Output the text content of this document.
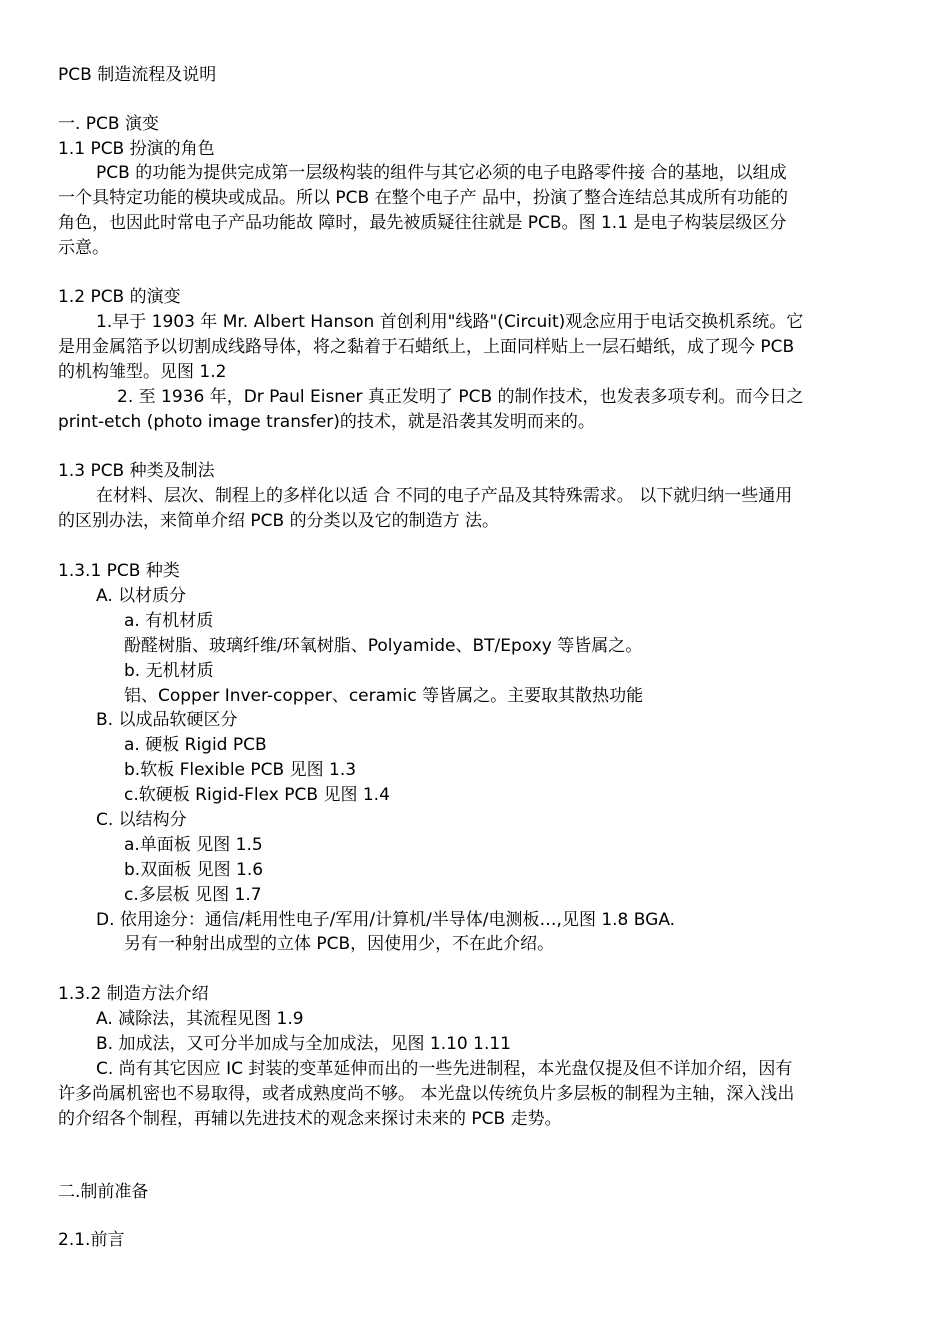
PCB 制造流程及说明
一. PCB 演变
1.1 PCB 扮演的角色
PCB 的功能为提供完成第一层级构装的组件与其它必须的电子电路零件接 合的基地，以组成
一个具特定功能的模块或成品。所以 PCB 在整个电子产 品中，扮演了整合连结总其成所有功能的
角色，也因此时常电子产品功能故 障时，最先被质疑往往就是 PCB。图 1.1 是电子构装层级区分
示意。
1.2 PCB 的演变
1.早于 1903 年 Mr. Albert Hanson 首创利用"线路"(Circuit)观念应用于电话交换机系统。它
是用金属箔予以切割成线路导体，将之黏着于石蜡纸上，上面同样贴上一层石蜡纸，成了现今 PCB
的机构雏型。见图 1.2
2. 至 1936 年，Dr Paul Eisner 真正发明了 PCB 的制作技术，也发表多项专利。而今日之
print-etch (photo image transfer)的技术，就是沿袭其发明而来的。
1.3 PCB 种类及制法
在材料、层次、制程上的多样化以适 合 不同的电子产品及其特殊需求。 以下就归纳一些通用
的区别办法，来简单介绍 PCB 的分类以及它的制造方 法。
1.3.1 PCB 种类
A. 以材质分
a. 有机材质
酚醛树脂、玻璃纤维/环氧树脂、Polyamide、BT/Epoxy 等皆属之。
b. 无机材质
铝、Copper Inver-copper、ceramic 等皆属之。主要取其散热功能
B. 以成品软硬区分
a. 硬板 Rigid PCB
b.软板 Flexible PCB 见图 1.3
c.软硬板 Rigid-Flex PCB 见图 1.4
C. 以结构分
a.单面板 见图 1.5
b.双面板 见图 1.6
c.多层板 见图 1.7
D. 依用途分：通信/耗用性电子/军用/计算机/半导体/电测板…,见图 1.8 BGA.
另有一种射出成型的立体 PCB，因使用少，不在此介绍。
1.3.2 制造方法介绍
A. 减除法，其流程见图 1.9
B. 加成法，又可分半加成与全加成法，见图 1.10 1.11
C. 尚有其它因应 IC 封装的变革延伸而出的一些先进制程，本光盘仅提及但不详加介绍，因有
许多尚属机密也不易取得，或者成熟度尚不够。 本光盘以传统负片多层板的制程为主轴，深入浅出
的介绍各个制程，再辅以先进技术的观念来探讨未来的 PCB 走势。
二.制前准备
2.1.前言
